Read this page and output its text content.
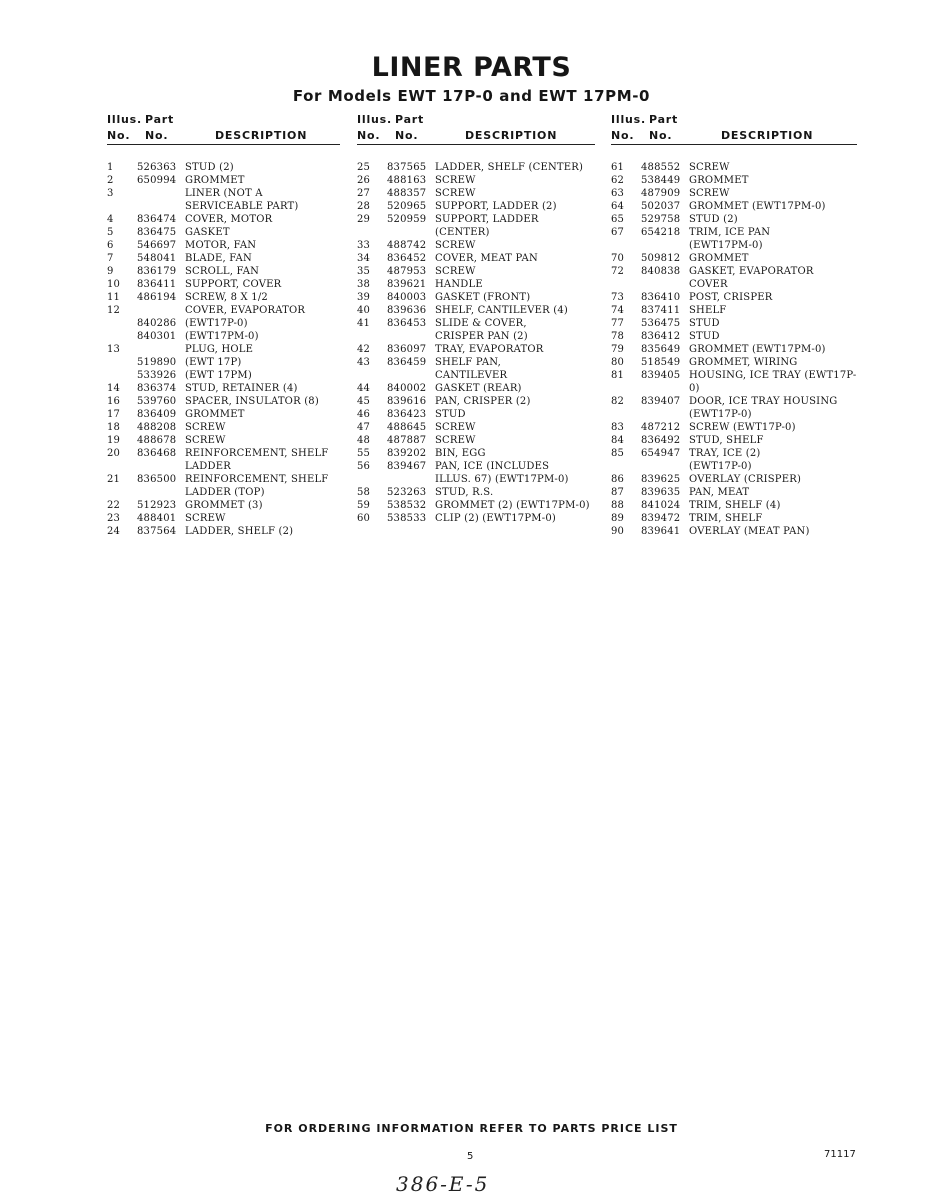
LINER PARTS
For Models EWT 17P-0 and EWT 17PM-0
Illus. Part
No. No.	DESCRIPTION
1	526363 STUD (2)
2	650994 GROMMET
3	LINER (NOT A
SERVICEABLE PART)
4	836474 COVER, MOTOR
5	836475 GASKET
6	546697 MOTOR, FAN
7	548041 BLADE, FAN
9	836179 SCROLL, FAN
10	836411 SUPPORT, COVER
11	486194 SCREW, 8 X 1/2
12	COVER, EVAPORATOR
840286 (EWT17P-0)
840301 (EWT17PM-0)
13	PLUG, HOLE
519890 (EWT 17P)
533926 (EWT 17PM)
14	836374 STUD, RETAINER (4)
16	539760 SPACER, INSULATOR (8)
17	836409 GROMMET
18	488208 SCREW
19	488678 SCREW
20	836468 REINFORCEMENT, SHELF
LADDER
21	836500 REINFORCEMENT, SHELF
LADDER (TOP)
22	512923 GROMMET (3)
23	488401 SCREW
24	837564 LADDER, SHELF (2)
Illus. Part
No. No.	DESCRIPTION
25	837565 LADDER, SHELF (CENTER)
26	488163 SCREW
27	488357 SCREW
28	520965 SUPPORT, LADDER (2)
29	520959 SUPPORT, LADDER
(CENTER)
33	488742 SCREW
34	836452 COVER, MEAT PAN
35	487953 SCREW
38	839621 HANDLE
39	840003 GASKET (FRONT)
40	839636 SHELF, CANTILEVER (4)
41	836453 SLIDE & COVER,
CRISPER PAN (2)
42	836097 TRAY, EVAPORATOR
43	836459 SHELF PAN,
CANTILEVER
44	840002 GASKET (REAR)
45	839616 PAN, CRISPER (2)
46	836423 STUD
47	488645 SCREW
48	487887 SCREW
55	839202 BIN, EGG
56	839467 PAN, ICE (INCLUDES
ILLUS. 67) (EWT17PM-0)
58	523263 STUD, R.S.
59	538532 GROMMET (2) (EWT17PM-0)
60	538533 CLIP (2) (EWT17PM-0)
Illus. Part
No. No.	DESCRIPTION
61	488552 SCREW
62	538449 GROMMET
63	487909 SCREW
64	502037 GROMMET (EWT17PM-0)
65	529758 STUD (2)
67	654218 TRIM, ICE PAN
(EWT17PM-0)
70	509812 GROMMET
72	840838 GASKET, EVAPORATOR
COVER
73	836410 POST, CRISPER
74	837411 SHELF
77	536475 STUD
78	836412 STUD
79	835649 GROMMET (EWT17PM-0)
80	518549 GROMMET, WIRING
81	839405 HOUSING, ICE TRAY (EWT17P-0)
82	839407 DOOR, ICE TRAY HOUSING
(EWT17P-0)
83	487212 SCREW (EWT17P-0)
84	836492 STUD, SHELF
85	654947 TRAY, ICE (2)
(EWT17P-0)
86	839625 OVERLAY (CRISPER)
87	839635 PAN, MEAT
88	841024 TRIM, SHELF (4)
89	839472 TRIM, SHELF
90	839641 OVERLAY (MEAT PAN)
FOR ORDERING INFORMATION REFER TO PARTS PRICE LIST
5	71117
386-E-5
